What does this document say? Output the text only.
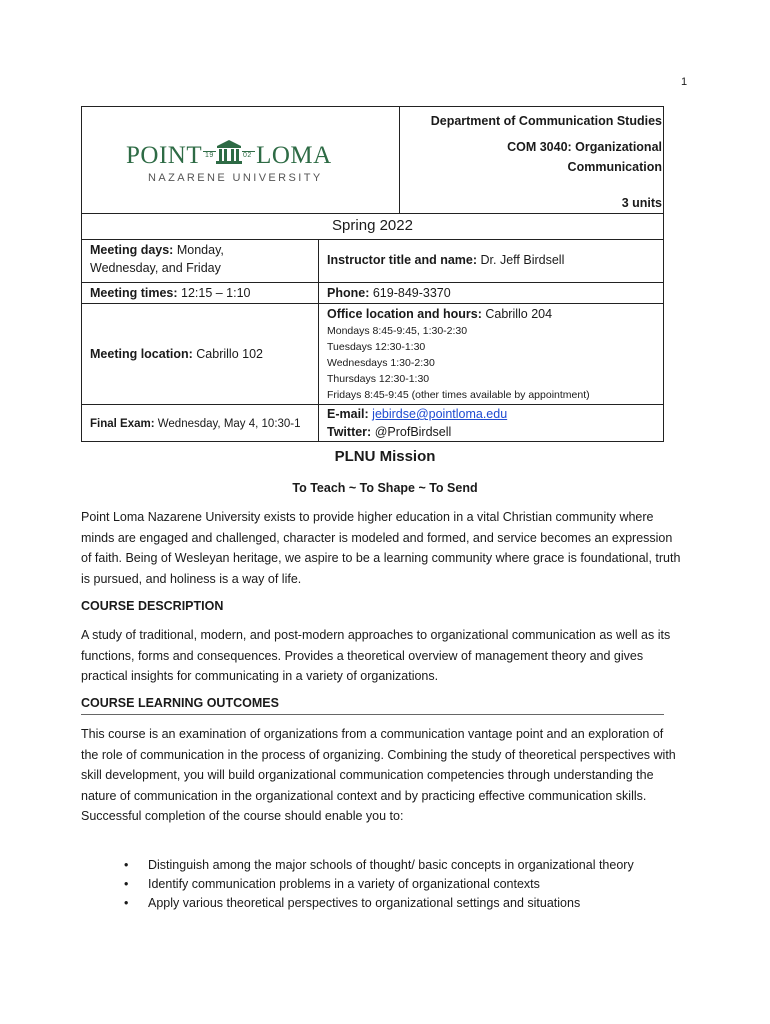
1
POINT 19	02 LOMA
NAZARENE UNIVERSITY
Department of Communication Studies
COM 3040: Organizational
Communication
3 units
Spring 2022
Meeting days: Monday,
Wednesday, and Friday
Instructor title and name: Dr. Jeff Birdsell
Meeting times: 12:15 – 1:10	Phone: 619-849-3370
Meeting location: Cabrillo 102
Office location and hours: Cabrillo 204
Mondays 8:45-9:45, 1:30-2:30
Tuesdays 12:30-1:30
Wednesdays 1:30-2:30
Thursdays 12:30-1:30
Fridays 8:45-9:45 (other times available by appointment)
Final Exam: Wednesday, May 4, 10:30-1
E-mail: jebirdse@pointloma.edu
Twitter: @ProfBirdsell
PLNU Mission
To Teach ~ To Shape ~ To Send
Point Loma Nazarene University exists to provide higher education in a vital Christian community where minds are engaged and challenged, character is modeled and formed, and service becomes an expression of faith. Being of Wesleyan heritage, we aspire to be a learning community where grace is foundational, truth is pursued, and holiness is a way of life.
COURSE DESCRIPTION
A study of traditional, modern, and post-modern approaches to organizational communication as well as its functions, forms and consequences. Provides a theoretical overview of management theory and gives practical insights for communicating in a variety of organizations.
COURSE LEARNING OUTCOMES
This course is an examination of organizations from a communication vantage point and an exploration of the role of communication in the process of organizing. Combining the study of theoretical perspectives with skill development, you will build organizational communication competencies through understanding the nature of communication in the organizational context and by practicing effective communication skills. Successful completion of the course should enable you to:
• Distinguish among the major schools of thought/ basic concepts in organizational theory
• Identify communication problems in a variety of organizational contexts
• Apply various theoretical perspectives to organizational settings and situations
